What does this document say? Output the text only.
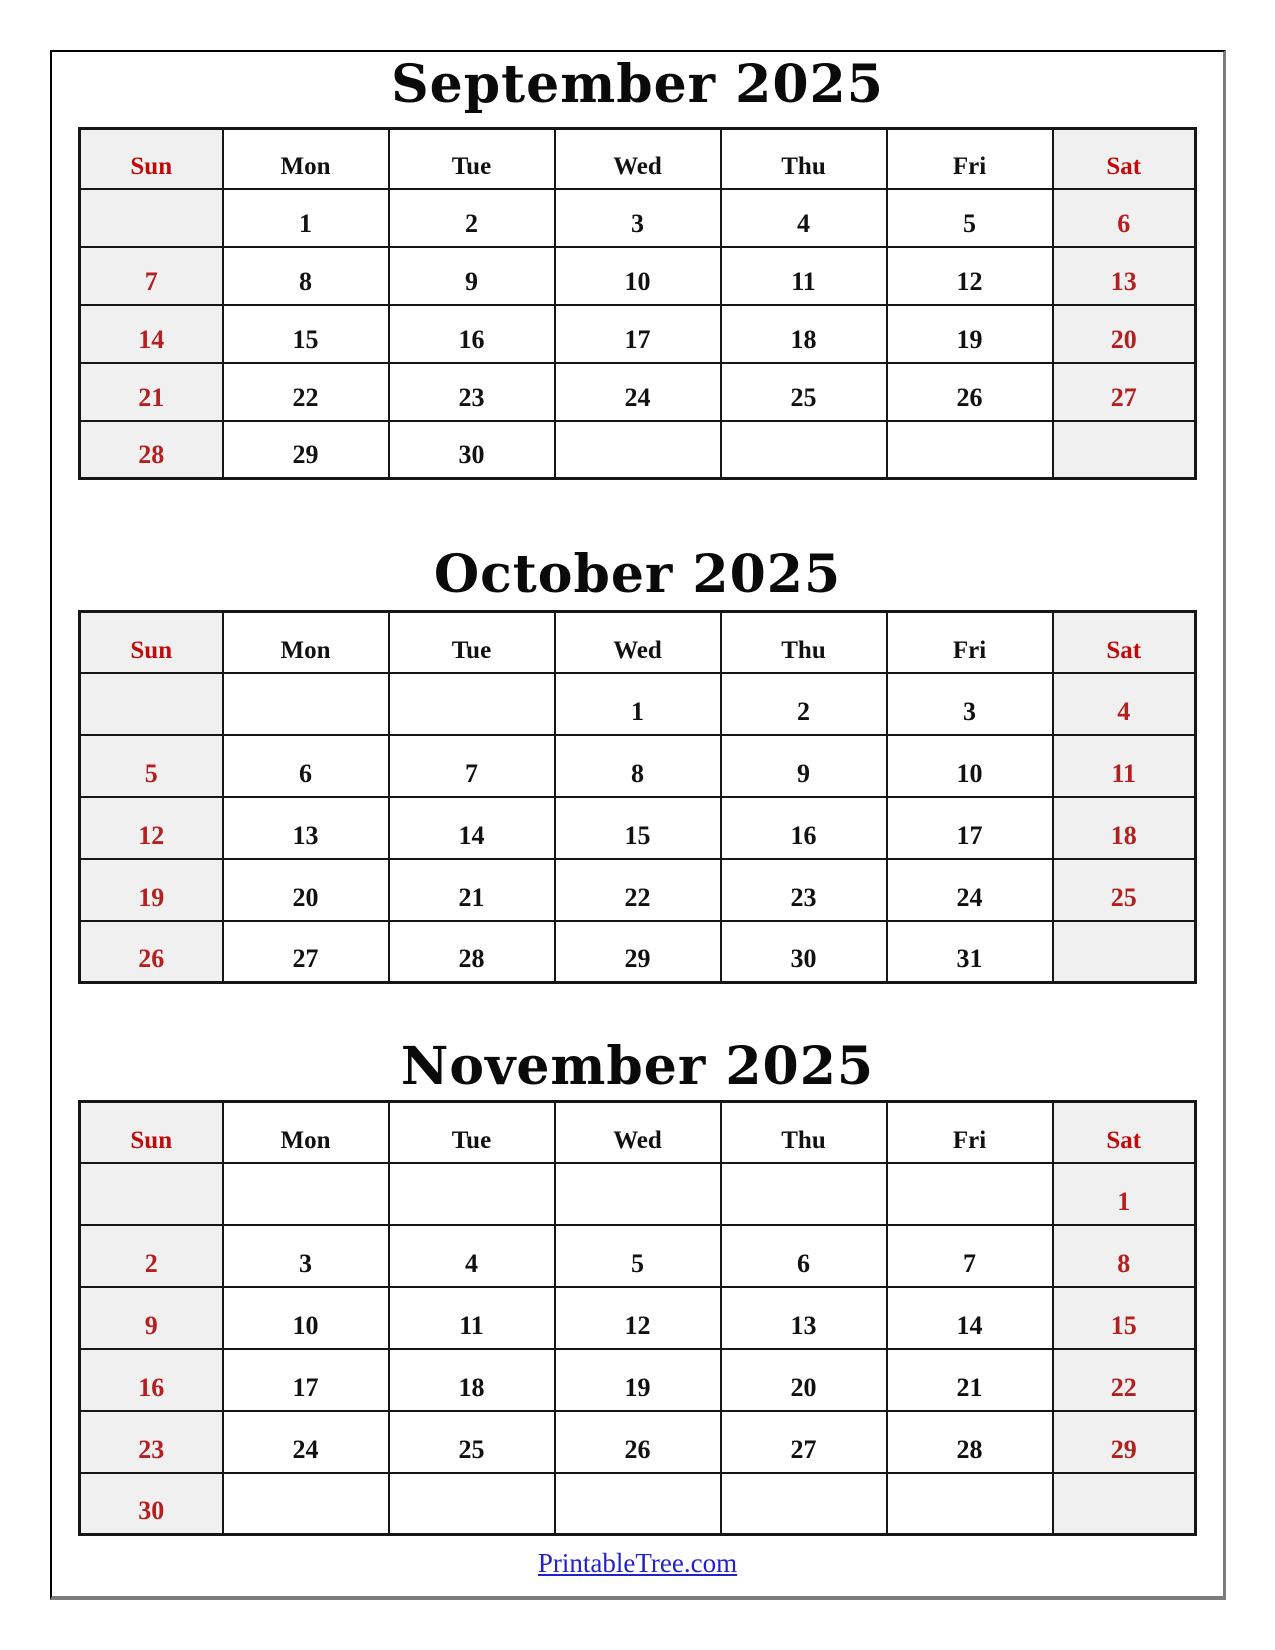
September 2025
Sun	Mon	Tue	Wed	Thu	Fri	Sat
	1	2	3	4	5	6
7	8	9	10	11	12	13
14	15	16	17	18	19	20
21	22	23	24	25	26	27
28	29	30				
October 2025
Sun	Mon	Tue	Wed	Thu	Fri	Sat
			1	2	3	4
5	6	7	8	9	10	11
12	13	14	15	16	17	18
19	20	21	22	23	24	25
26	27	28	29	30	31	
November 2025
Sun	Mon	Tue	Wed	Thu	Fri	Sat
						1
2	3	4	5	6	7	8
9	10	11	12	13	14	15
16	17	18	19	20	21	22
23	24	25	26	27	28	29
30						
PrintableTree.com
